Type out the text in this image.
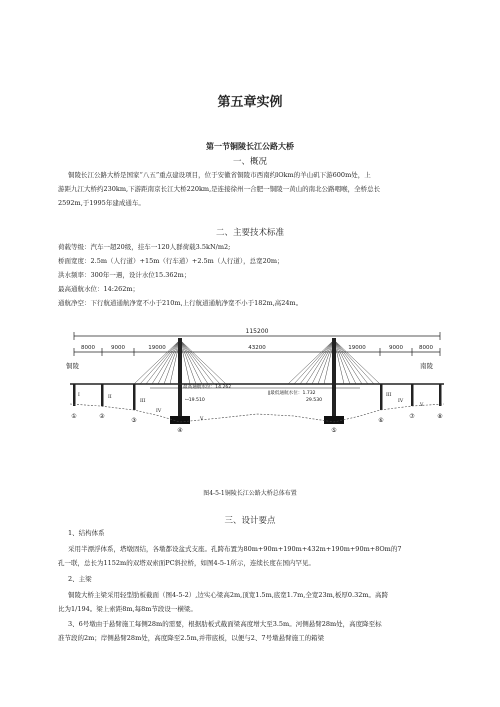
第五章实例
第一节铜陵长江公路大桥
一、概况
铜陵长江公路大桥是国家“八五”重点建设项目，位于安徽省铜陵市西南约lOkm的羊山矶下游600m处，上
游距九江大桥约230km,下游距南京长江大桥220km,是连接徐州一合肥一铜陵一黄山的南北公路咽喉，全桥总长
2592m,于1995年建成通车。
二、主要技术标准
荷载等级：汽车一超20级，挂车一120人群荷载3.5kN/m2;
桥面宽度：2.5m（人行道）+15m（行车道）+2.5m（人行道），总宽20m；
洪水频率：300年一遇，设计水位15.362m；
最高通航水位：14:262m；
通航净空：下行航道通航净宽不小于210m,上行航道通航净宽不小于182m,高24m。
115200
8000	9000	19000	43200	19000	9000	8000
铜陵	南陵
最高通航水位：14.262
‖最低通航水位：1.732
ꟷ19.510	29.530
I	II
III
IV
V
III
IV
V
①	②
③
④	⑤
⑥
⑦	⑧
图4-5-1铜陵长江公路大桥总体布置
三、设计要点
1、结构体系
采用半漂浮体系，塔墩固结，各墩都设盆式支座。孔跨布置为80m+90m+190m+432m+190m+90m+8Om的7
孔一联，总长为1152m的双塔双索面PC斜拉桥，如图4-5-1所示，连续长度在国内罕见。
2、主梁
铜陵大桥主梁采用轻型肋板截面（图4-5-2）,边实心梁高2m,顶宽1.5m,底宽1.7m,全宽23m,板厚0.32m。高跨
比为1/194。梁上索距8m,每8m节段设一横梁。
3、6号墩由于悬臂施工每侧28m的需要，根据肋板式截面梁高度增大至3.5m。河侧悬臂28m处，高度降至标
准节段的2m；岸侧悬臂28m处，高度降至2.5m,并带底板，以便与2、7号墩悬臂施工的箱梁
